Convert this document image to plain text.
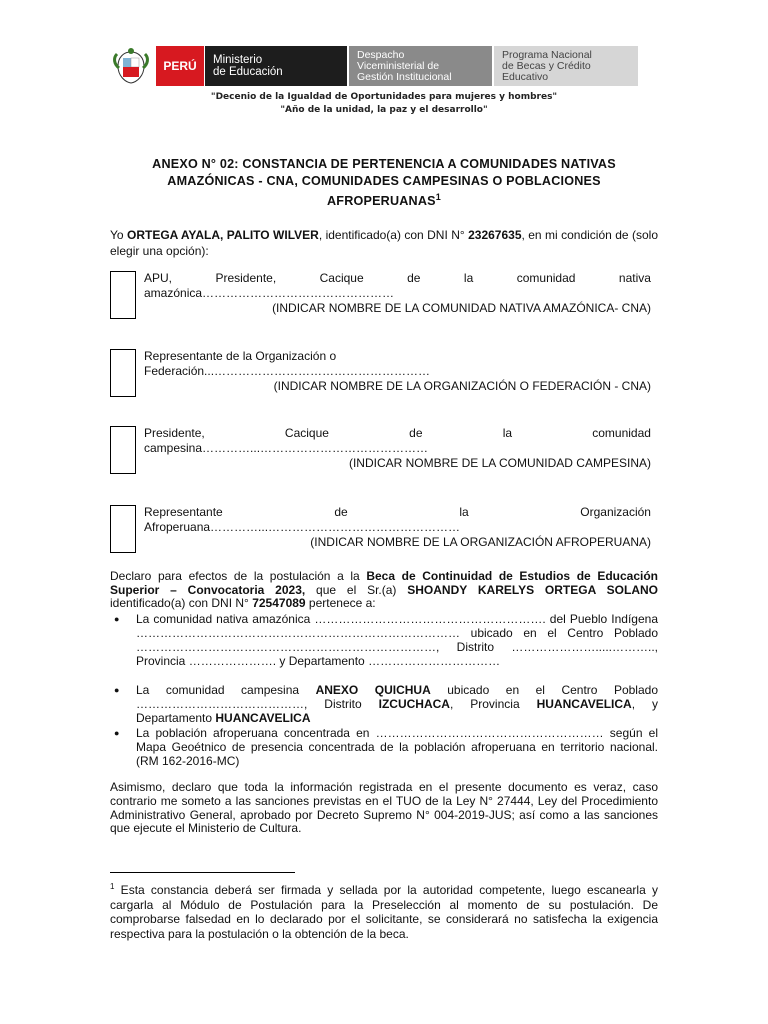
PERÚ Ministerio
de Educación
Despacho
Viceministerial de
Gestión Institucional
Programa Nacional
de Becas y Crédito
Educativo
"Decenio de la Igualdad de Oportunidades para mujeres y hombres"
"Año de la unidad, la paz y el desarrollo"
ANEXO N° 02: CONSTANCIA DE PERTENENCIA A COMUNIDADES NATIVAS
AMAZÓNICAS - CNA, COMUNIDADES CAMPESINAS O POBLACIONES
AFROPERUANAS$^1$
Yo ORTEGA AYALA, PALITO WILVER, identificado(a) con DNI N° 23267635, en mi condición de (solo elegir una opción):
APU,	Presidente,	Cacique	de	la	comunidad	nativa
amazónica…………………………………………
(INDICAR NOMBRE DE LA COMUNIDAD NATIVA AMAZÓNICA- CNA)
Representante de la Organización o
Federación...………………………………………………
(INDICAR NOMBRE DE LA ORGANIZACIÓN O FEDERACIÓN - CNA)
Presidente,	Cacique	de	la	comunidad
campesina…………...……………………………………
(INDICAR NOMBRE DE LA COMUNIDAD CAMPESINA)
Representante	de	la	Organización
Afroperuana…………...…………………………………………
(INDICAR NOMBRE DE LA ORGANIZACIÓN AFROPERUANA)
Declaro para efectos de la postulación a la Beca de Continuidad de Estudios de Educación Superior – Convocatoria 2023, que el Sr.(a) SHOANDY KARELYS ORTEGA SOLANO identificado(a) con DNI N° 72547089 pertenece a:
● La comunidad nativa amazónica …………………………………………………. del Pueblo Indígena ……………………………………………………………………… ubicado en el Centro Poblado …………………………………………………………………, Distrito ………………….....……….., Provincia …………………. y Departamento ……………………………
● La comunidad campesina ANEXO QUICHUA ubicado en el Centro Poblado ……………………………………, Distrito IZCUCHACA, Provincia HUANCAVELICA, y Departamento HUANCAVELICA
● La población afroperuana concentrada en ………………………………………………… según el Mapa Geoétnico de presencia concentrada de la población afroperuana en territorio nacional. (RM 162-2016-MC)
Asimismo, declaro que toda la información registrada en el presente documento es veraz, caso contrario me someto a las sanciones previstas en el TUO de la Ley N° 27444, Ley del Procedimiento Administrativo General, aprobado por Decreto Supremo N° 004-2019-JUS; así como a las sanciones que ejecute el Ministerio de Cultura.
$^1$ Esta constancia deberá ser firmada y sellada por la autoridad competente, luego escanearla y cargarla al Módulo de Postulación para la Preselección al momento de su postulación. De comprobarse falsedad en lo declarado por el solicitante, se considerará no satisfecha la exigencia respectiva para la postulación o la obtención de la beca.
